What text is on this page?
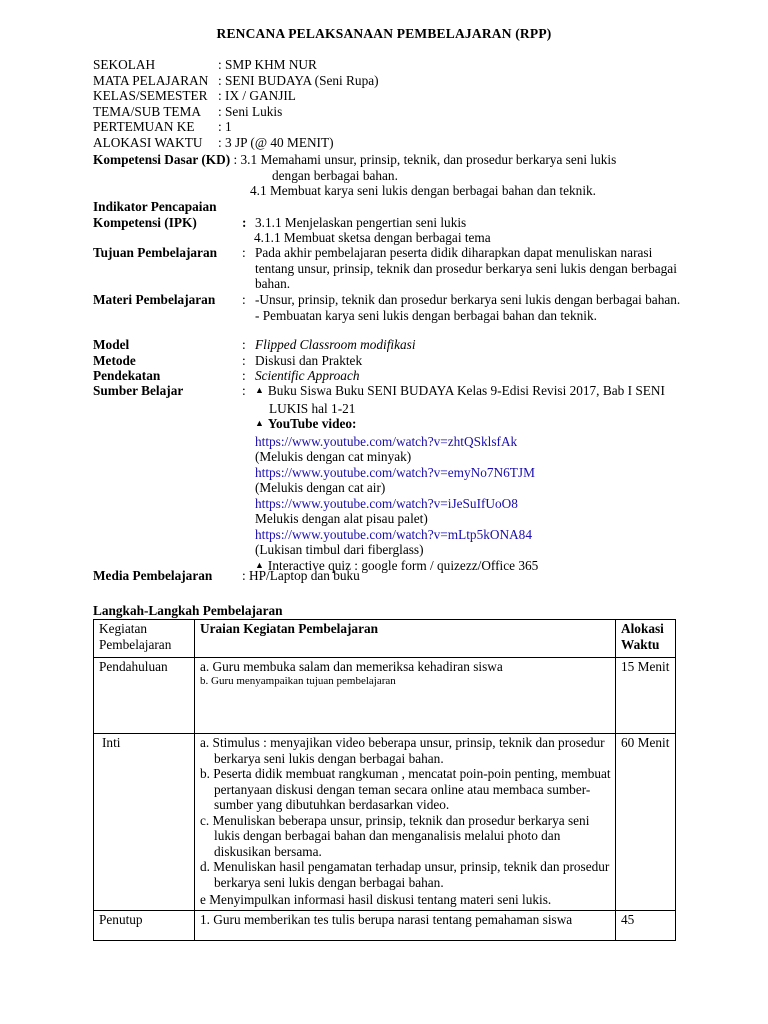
RENCANA PELAKSANAAN PEMBELAJARAN (RPP)
SEKOLAH	: SMP KHM NUR
MATA PELAJARAN : SENI BUDAYA (Seni Rupa)
KELAS/SEMESTER : IX / GANJIL
TEMA/SUB TEMA	: Seni Lukis
PERTEMUAN KE	: 1
ALOKASI WAKTU	: 3 JP (@ 40 MENIT)
Kompetensi Dasar (KD) : 3.1 Memahami unsur, prinsip, teknik, dan prosedur berkarya seni lukis
dengan berbagai bahan.
4.1 Membuat karya seni lukis dengan berbagai bahan dan teknik.
Indikator Pencapaian
Kompetensi (IPK)	: 3.1.1 Menjelaskan pengertian seni lukis
4.1.1 Membuat sketsa dengan berbagai tema
Tujuan Pembelajaran	: Pada akhir pembelajaran peserta didik diharapkan dapat menuliskan narasi tentang unsur, prinsip, teknik dan prosedur berkarya seni lukis dengan berbagai bahan.
Materi Pembelajaran	: -Unsur, prinsip, teknik dan prosedur berkarya seni lukis dengan berbagai bahan.
- Pembuatan karya seni lukis dengan berbagai bahan dan teknik.
Model	: Flipped Classroom modifikasi
Metode	: Diskusi dan Praktek
Pendekatan	: Scientific Approach
Sumber Belajar	:	▲ Buku Siswa Buku SENI BUDAYA Kelas 9-Edisi Revisi 2017, Bab I SENI LUKIS hal 1-21
▲ YouTube video:
https://www.youtube.com/watch?v=zhtQSklsfAk
(Melukis dengan cat minyak)
https://www.youtube.com/watch?v=emyNo7N6TJM
(Melukis dengan cat air)
https://www.youtube.com/watch?v=iJeSuIfUoO8
Melukis dengan alat pisau palet)
https://www.youtube.com/watch?v=mLtp5kONA84
(Lukisan timbul dari fiberglass)
▲ Interactive quiz : google form / quizezz/Office 365
Media Pembelajaran	: HP/Laptop dan buku
Langkah-Langkah Pembelajaran
Kegiatan Pembelajaran	Uraian Kegiatan Pembelajaran	Alokasi Waktu
Pendahuluan	a. Guru membuka salam dan memeriksa kehadiran siswa
b. Guru menyampaikan tujuan pembelajaran	15 Menit
Inti	a. Stimulus : menyajikan video beberapa unsur, prinsip, teknik dan prosedur berkarya seni lukis dengan berbagai bahan.
b. Peserta didik membuat rangkuman , mencatat poin-poin penting, membuat pertanyaan diskusi dengan teman secara online atau membaca sumber-sumber yang dibutuhkan berdasarkan video.
c. Menuliskan beberapa unsur, prinsip, teknik dan prosedur berkarya seni lukis dengan berbagai bahan dan menganalisis melalui photo dan diskusikan bersama.
d. Menuliskan hasil pengamatan terhadap unsur, prinsip, teknik dan prosedur berkarya seni lukis dengan berbagai bahan.
e Menyimpulkan informasi hasil diskusi tentang materi seni lukis.	60 Menit
Penutup	1. Guru memberikan tes tulis berupa narasi tentang pemahaman siswa	45
